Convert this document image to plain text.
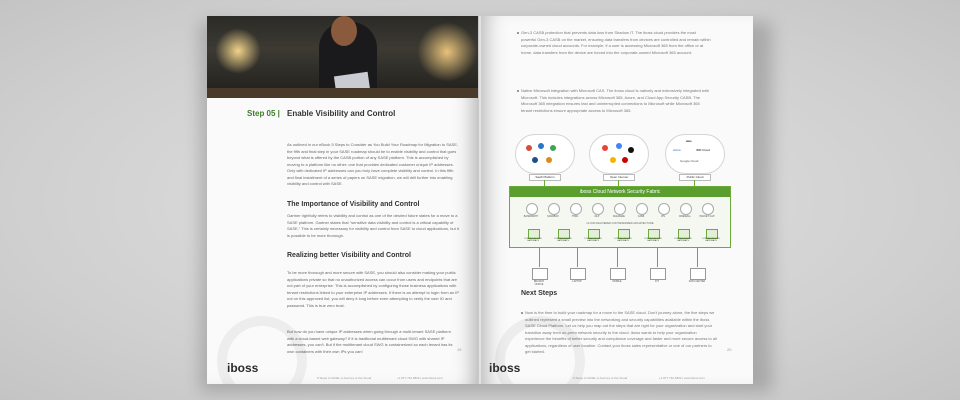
Step 05 | Enable Visibility and Control
As outlined in our eBook 5 Steps to Consider as You Build Your Roadmap for Migration to SASE, the fifth and final step in your SASE roadmap should be to enable visibility and control that goes beyond what is offered by the CASB portion of any SASE platform. This is accomplished by moving to a platform like no other: one that provides dedicated customer unique IP addresses. Only with dedicated IP addresses can you truly have complete visibility and control. In this fifth and final installment of a series of papers on SASE migration, we will drill further into enabling visibility and control with SASE.
The Importance of Visibility and Control
Gartner rightfully refers to visibility and control as one of the desired future states for a move to a SASE platform. Gartner states that "sensitive data visibility and control is a critical capability of SASE." This is certainly necessary for visibility and control from SASE to cloud applications, but it is possible to be more thorough.
Realizing better Visibility and Control
To be more thorough and more secure with SASE, you should also consider making your public applications private so that no unauthorized access can occur from users and endpoints that are not part of your enterprise. This is accomplished by configuring those business applications with tenant restrictions linked to your enterprise IP addresses. If there is an attempt to login from an IP not on this approved list, you will deny it long before even attempting to verify the user ID and password. This is true zero trust.
But how do you have unique IP addresses when going through a multi-tenant SASE platform with a cloud-based web gateway? If it is traditional multitenant cloud SWG with shared IP addresses, you can't. But if the multitenant cloud SWG is containerized so each tenant has its own containers with their own IPs you can!
iboss
5 Steps to SASE: A Journey to the Cloud	+1 877.742.6832 | www.iboss.com
19
Gen-3 CASB protection that prevents data loss from Shadow IT. The iboss cloud provides the most powerful Gen-3 CASB on the market, ensuring data transfers from devices are controlled and remain within corporate-owned cloud accounts. For example, if a user is accessing Microsoft 365 from the office or at home, data transfers from the device are forced into the corporate-owned Microsoft 365 account.
Native Microsoft integration with Microsoft CAS. The iboss cloud is natively and extensively integrated with Microsoft. This includes integrations across Microsoft 365, Azure, and Cloud App Security CASB. The Microsoft 365 integration ensures fast and uninterrupted connections to Microsoft while Microsoft 365 tenant restrictions ensure appropriate access to Microsoft 365.
aws
Azure	IBM Cloud
Google Cloud
SaaS Platform	Open Internet	Public Cloud
iboss Cloud Network Security Fabric
BANDWIDTH	SANDBOX	HTML	DLP	MALWARE	CASB	IPS	FIREWALL	PACKET CAP
CLOUD DELIVERED CONTAINERIZED ARCHITECTURE
CONTAINERIZED GATEWAYS
CONTAINERIZED GATEWAYS
CONTAINERIZED GATEWAYS
CONTAINERIZED GATEWAYS
CONTAINERIZED GATEWAYS
CONTAINERIZED GATEWAYS
CONTAINERIZED GATEWAYS
BRANCH OFFICE
LAPTOP	MOBILE	IOT	DATA CENTER
Next Steps
Now is the time to build your roadmap for a move to the SASE cloud. Don't journey alone, the five steps we outlined represent a small preview into the networking and security capabilities available within the iboss SASE Cloud Platform. Let us help you map out the steps that are right for your organization and start your transition away from on-prem network security to the cloud. iboss wants to help your organization experience the benefits of better security and compliance coverage and faster and more secure access to all applications, regardless of user location. Contact your iboss sales representative or one of our partners to get started.
iboss
5 Steps to SASE: A Journey to the Cloud	+1 877.742.6832 | www.iboss.com
20
